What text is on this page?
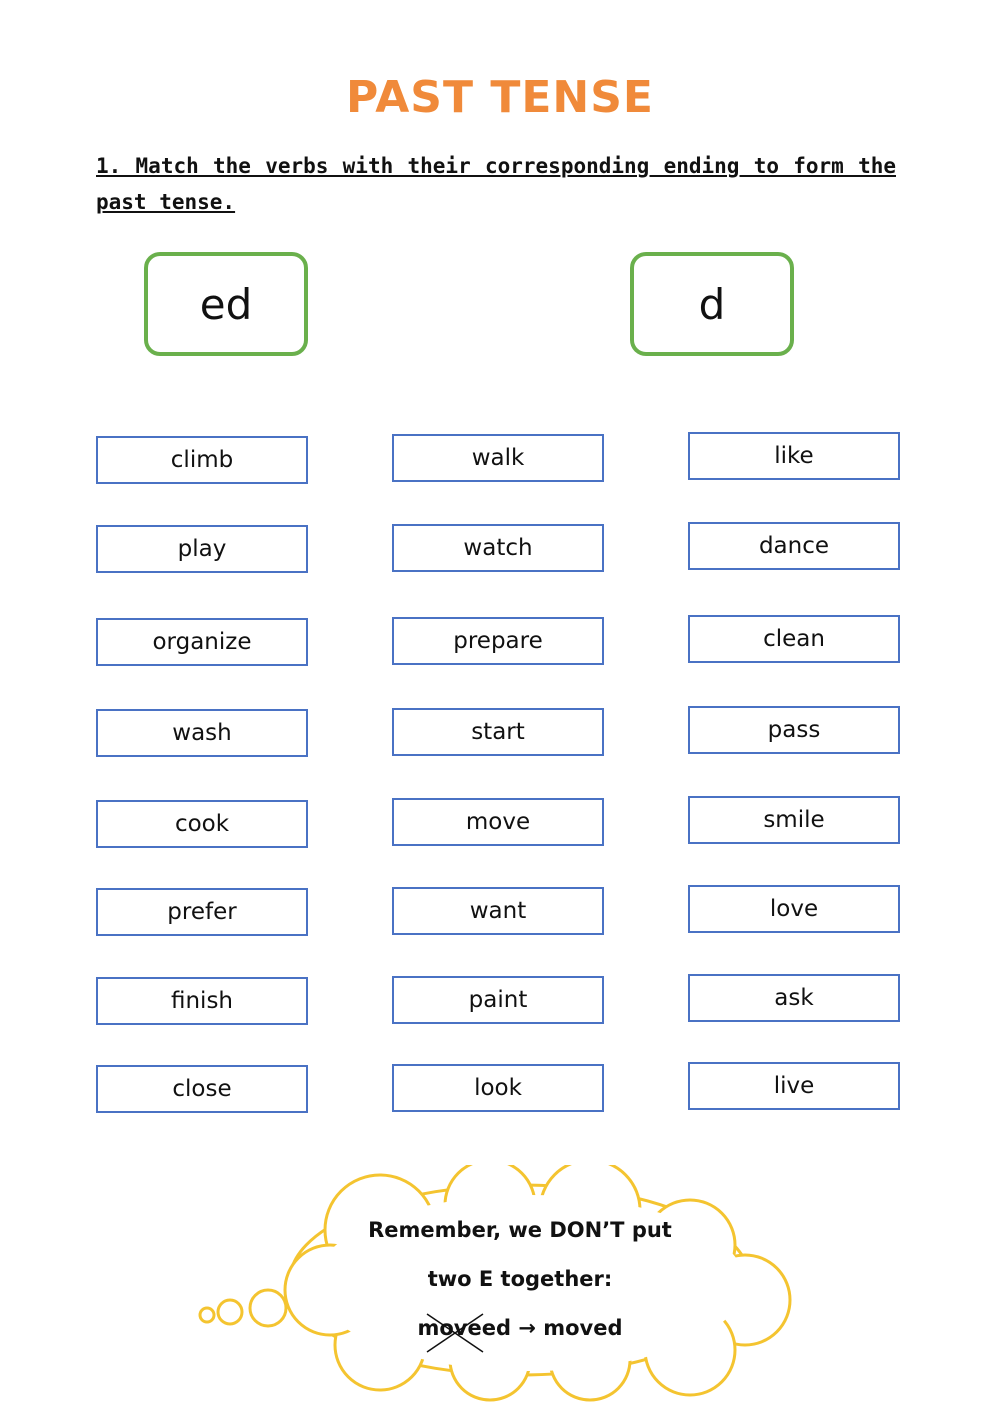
PAST TENSE
1. Match the verbs with their corresponding ending to form the past tense.
ed	d
climb
play
organize
wash
cook
prefer
finish
close
walk
watch
prepare
start
move
want
paint
look
like
dance
clean
pass
smile
love
ask
live
Remember, we DON’T put
two E together:
moveed → moved
